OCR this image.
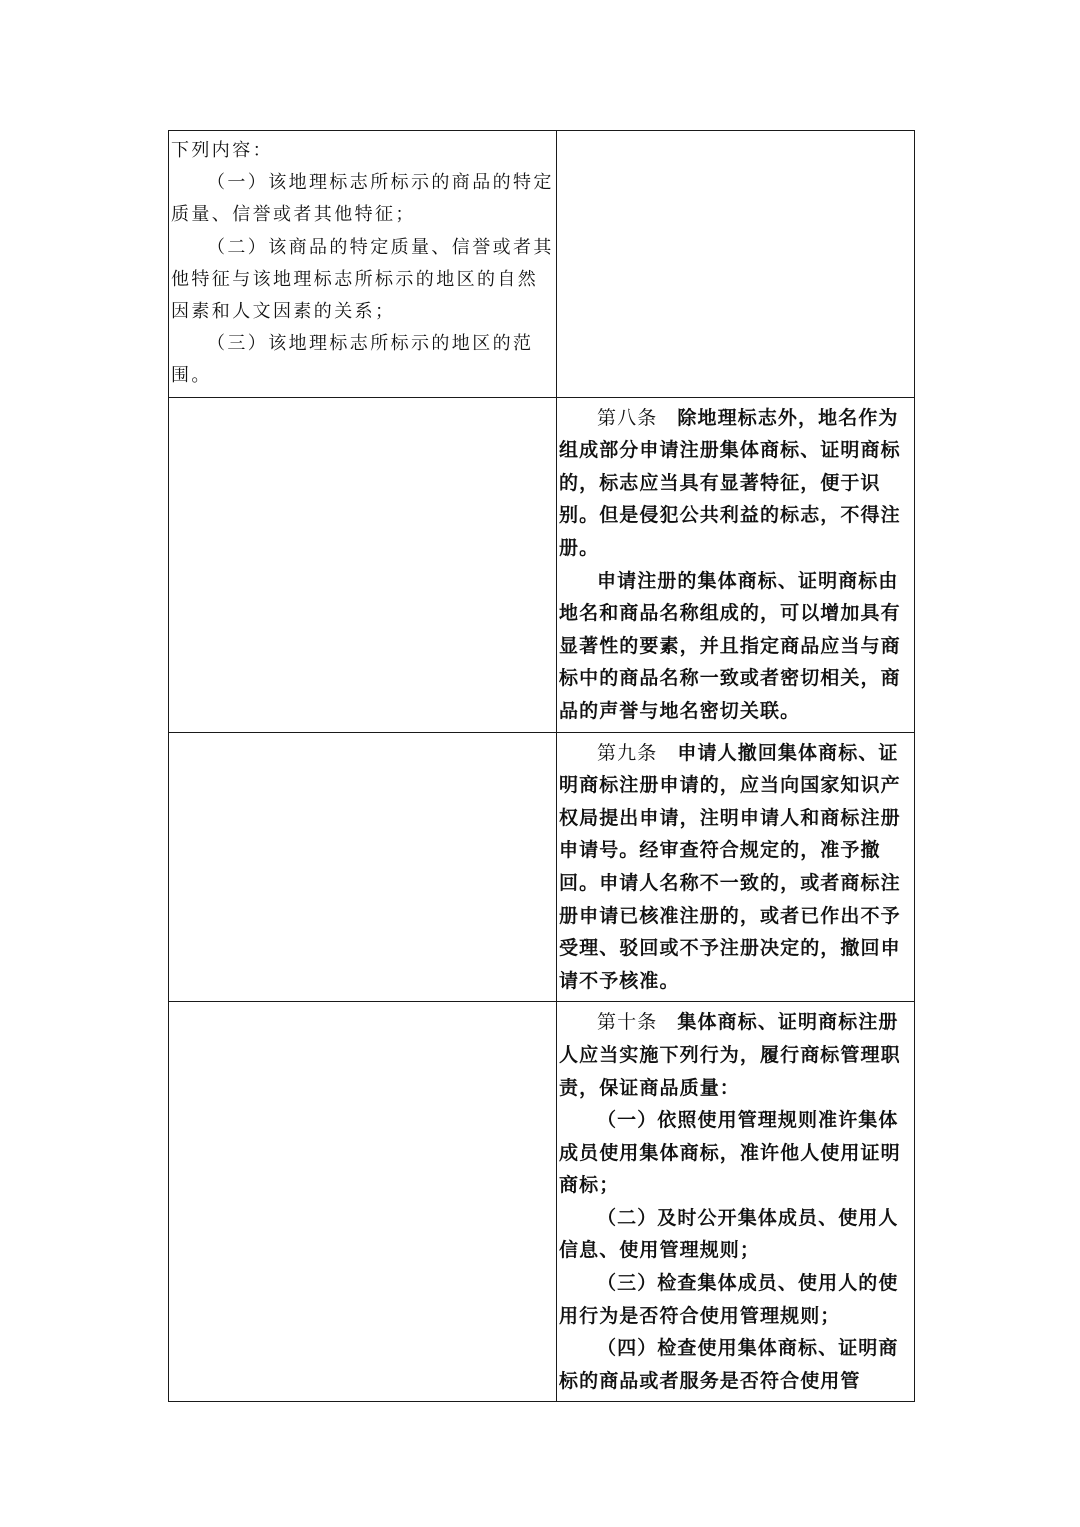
下列内容：

（一）该地理标志所标示的商品的特定质量、信誉或者其他特征；

（二）该商品的特定质量、信誉或者其他特征与该地理标志所标示的地区的自然因素和人文因素的关系；

（三）该地理标志所标示的地区的范围。	

	第八条　 除地理标志外，地名作为组成部分申请注册集体商标、证明商标的，标志应当具有显著特征，便于识别。但是侵犯公共利益的标志，不得注册。

申请注册的集体商标、证明商标由地名和商品名称组成的，可以增加具有显著性的要素，并且指定商品应当与商标中的商品名称一致或者密切相关，商品的声誉与地名密切关联。

	第九条　 申请人撤回集体商标、证明商标注册申请的，应当向国家知识产权局提出申请，注明申请人和商标注册申请号。经审查符合规定的，准予撤回。申请人名称不一致的，或者商标注册申请已核准注册的，或者已作出不予受理、驳回或不予注册决定的，撤回申请不予核准。

	第十条　 集体商标、证明商标注册人应当实施下列行为，履行商标管理职责，保证商品质量：

（一）依照使用管理规则准许集体成员使用集体商标，准许他人使用证明商标；

（二）及时公开集体成员、使用人信息、使用管理规则；

（三）检查集体成员、使用人的使用行为是否符合使用管理规则；

（四）检查使用集体商标、证明商标的商品或者服务是否符合使用管
